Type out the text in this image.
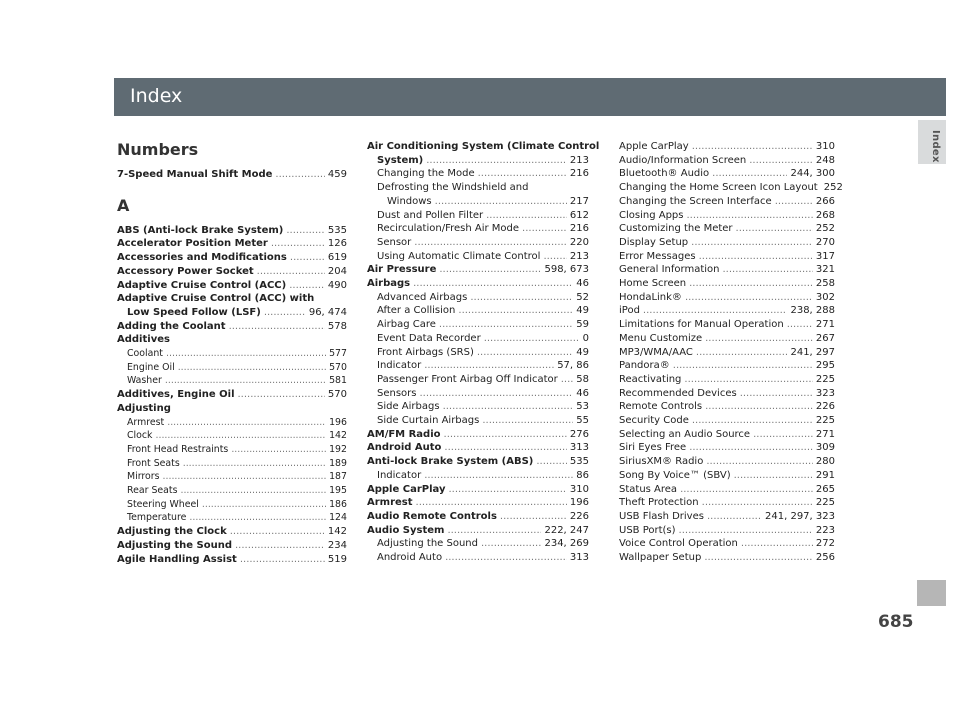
Index
Index
685
Numbers
7-Speed Manual Shift Mode .....	459
A
ABS (Anti-lock Brake System) .....	535
Accelerator Position Meter .....	126
Accessories and Modifications .....	619
Accessory Power Socket .....	204
Adaptive Cruise Control (ACC) .....	490
Adaptive Cruise Control (ACC) with
Low Speed Follow (LSF) .....	96, 474
Adding the Coolant .....	578
Additives
Coolant .....	577
Engine Oil .....	570
Washer .....	581
Additives, Engine Oil .....	570
Adjusting
Armrest .....	196
Clock .....	142
Front Head Restraints .....	192
Front Seats .....	189
Mirrors .....	187
Rear Seats .....	195
Steering Wheel .....	186
Temperature .....	124
Adjusting the Clock .....	142
Adjusting the Sound .....	234
Agile Handling Assist .....	519
Air Conditioning System (Climate Control
System) .....	213
Changing the Mode .....	216
Defrosting the Windshield and
Windows .....	217
Dust and Pollen Filter .....	612
Recirculation/Fresh Air Mode .....	216
Sensor .....	220
Using Automatic Climate Control .....	213
Air Pressure .....	598, 673
Airbags .....	46
Advanced Airbags .....	52
After a Collision .....	49
Airbag Care .....	59
Event Data Recorder .....	0
Front Airbags (SRS) .....	49
Indicator .....	57, 86
Passenger Front Airbag Off Indicator ..... 58
Sensors .....	46
Side Airbags .....	53
Side Curtain Airbags .....	55
AM/FM Radio .....	276
Android Auto .....	313
Anti-lock Brake System (ABS) .....	535
Indicator .....	86
Apple CarPlay .....	310
Armrest .....	196
Audio Remote Controls .....	226
Audio System .....	222, 247
Adjusting the Sound .....	234, 269
Android Auto .....	313
Apple CarPlay .....	310
Audio/Information Screen .....	248
Bluetooth® Audio .....	244, 300
Changing the Home Screen Icon Layout 252
Changing the Screen Interface .....	266
Closing Apps .....	268
Customizing the Meter .....	252
Display Setup .....	270
Error Messages .....	317
General Information .....	321
Home Screen .....	258
HondaLink® .....	302
iPod .....	238, 288
Limitations for Manual Operation .....	271
Menu Customize .....	267
MP3/WMA/AAC .....	241, 297
Pandora® .....	295
Reactivating .....	225
Recommended Devices .....	323
Remote Controls .....	226
Security Code .....	225
Selecting an Audio Source .....	271
Siri Eyes Free .....	309
SiriusXM® Radio .....	280
Song By Voice™ (SBV) .....	291
Status Area .....	265
Theft Protection .....	225
USB Flash Drives .....	241, 297, 323
USB Port(s) .....	223
Voice Control Operation .....	272
Wallpaper Setup .....	256
